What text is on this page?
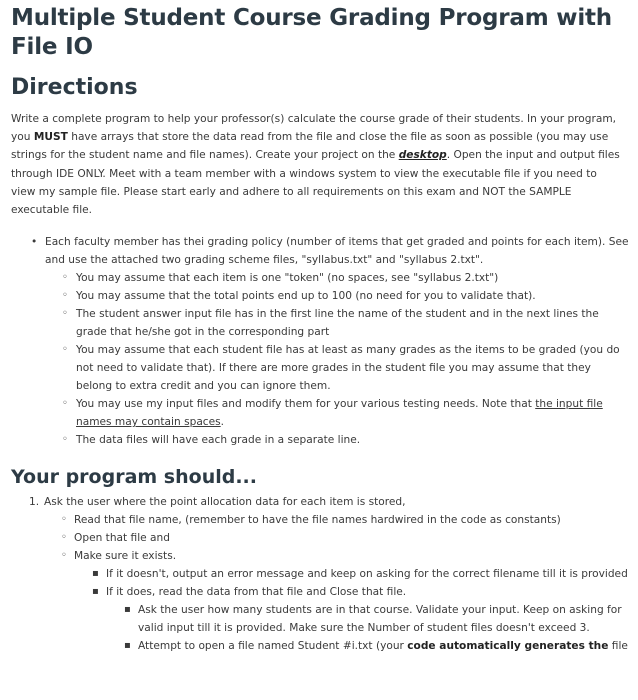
Multiple Student Course Grading Program with File IO
Directions

Write a complete program to help your professor(s) calculate the course grade of their students. In your program, you MUST have arrays that store the data read from the file and close the file as soon as possible (you may use strings for the student name and file names). Create your project on the desktop. Open the input and output files through IDE ONLY. Meet with a team member with a windows system to view the executable file if you need to view my sample file. Please start early and adhere to all requirements on this exam and NOT the SAMPLE executable file.

• Each faculty member has thei grading policy (number of items that get graded and points for each item). See and use the attached two grading scheme files, "syllabus.txt" and "syllabus 2.txt".
◦ You may assume that each item is one "token" (no spaces, see "syllabus 2.txt")
◦ You may assume that the total points end up to 100 (no need for you to validate that).
◦ The student answer input file has in the first line the name of the student and in the next lines the grade that he/she got in the corresponding part
◦ You may assume that each student file has at least as many grades as the items to be graded (you do not need to validate that). If there are more grades in the student file you may assume that they belong to extra credit and you can ignore them.
◦ You may use my input files and modify them for your various testing needs. Note that the input file names may contain spaces.
◦ The data files will have each grade in a separate line.
Your program should...
1. Ask the user where the point allocation data for each item is stored,
◦ Read that file name, (remember to have the file names hardwired in the code as constants)
◦ Open that file and
◦ Make sure it exists.
▪ If it doesn't, output an error message and keep on asking for the correct filename till it is provided
▪ If it does, read the data from that file and Close that file.
▪ Ask the user how many students are in that course. Validate your input. Keep on asking for valid input till it is provided. Make sure the Number of student files doesn't exceed 3.
▪ Attempt to open a file named Student #i.txt (your code automatically generates the file
